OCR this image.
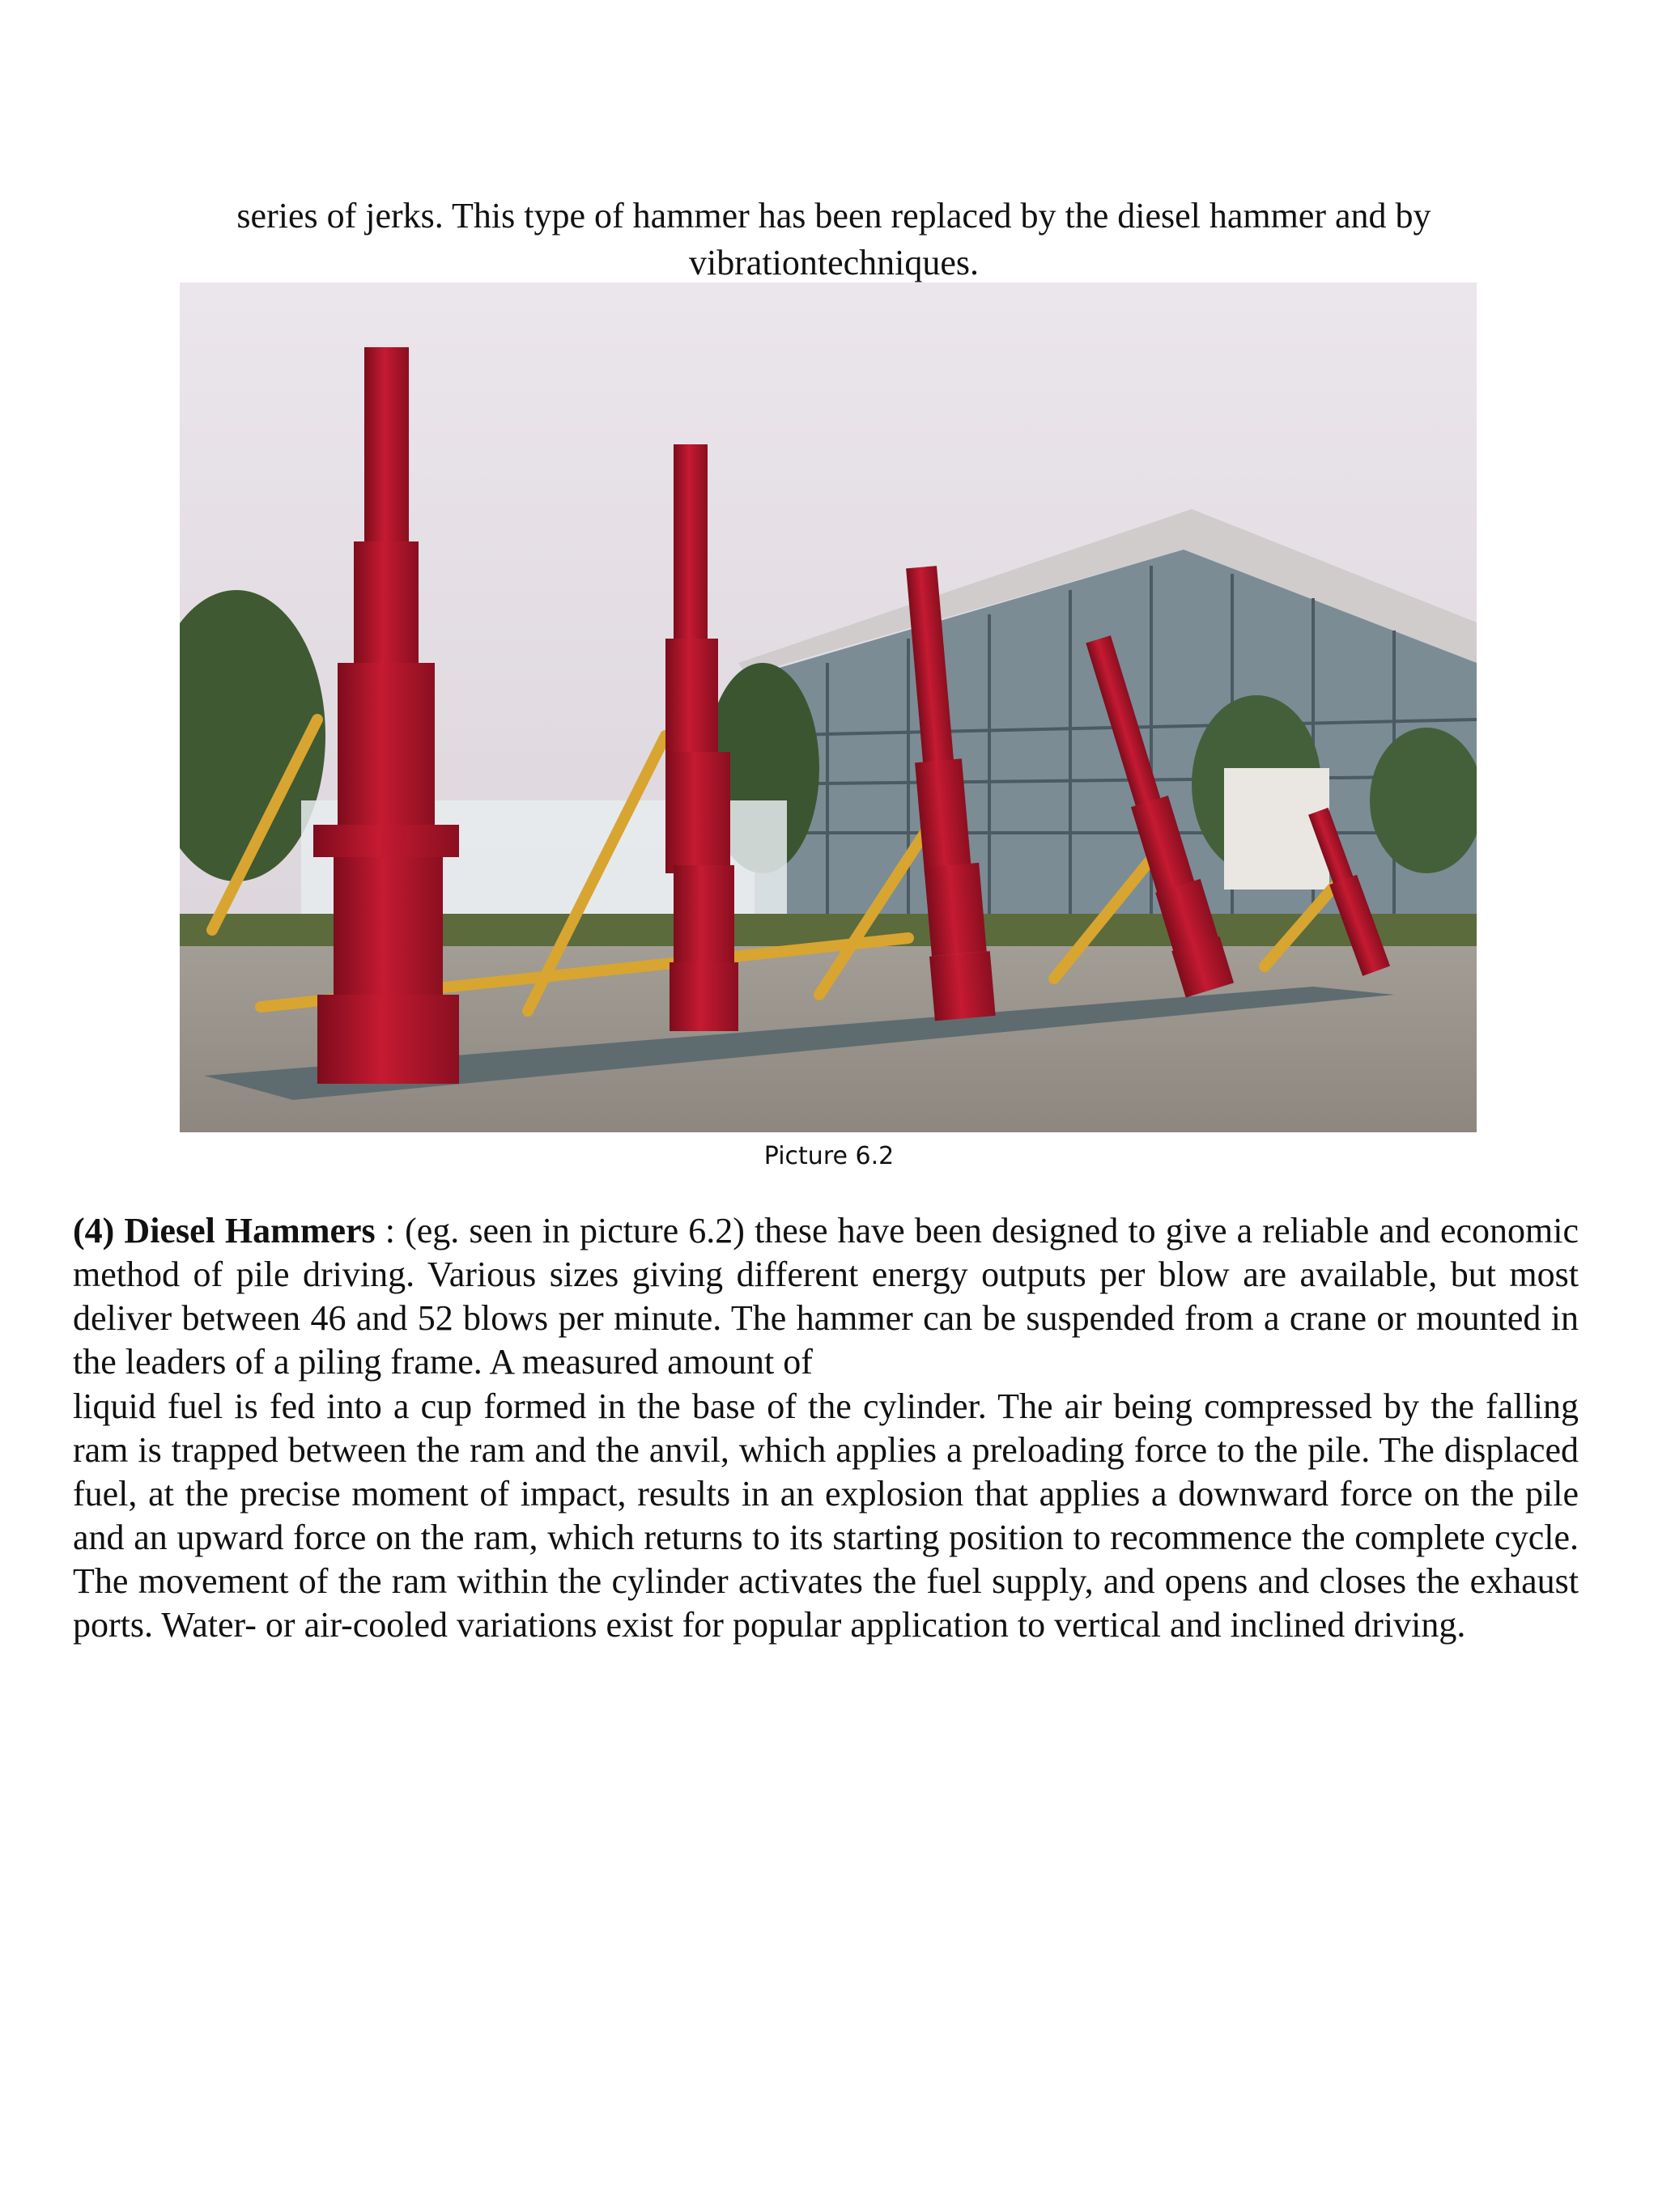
series of jerks. This type of hammer has been replaced by the diesel hammer and by vibrationtechniques.
Picture 6.2

(4) Diesel Hammers : (eg. seen in picture 6.2) these have been designed to give a reliable and economic method of pile driving. Various sizes giving different energy outputs per blow are available, but most deliver between 46 and 52 blows per minute. The hammer can be suspended from a crane or mounted in the leaders of a piling frame. A measured amount of

liquid fuel is fed into a cup formed in the base of the cylinder. The air being compressed by the falling ram is trapped between the ram and the anvil, which applies a preloading force to the pile. The displaced fuel, at the precise moment of impact, results in an explosion that applies a downward force on the pile and an upward force on the ram, which returns to its starting position to recommence the complete cycle. The movement of the ram within the cylinder activates the fuel supply, and opens and closes the exhaust ports. Water- or air-cooled variations exist for popular application to vertical and inclined driving.
